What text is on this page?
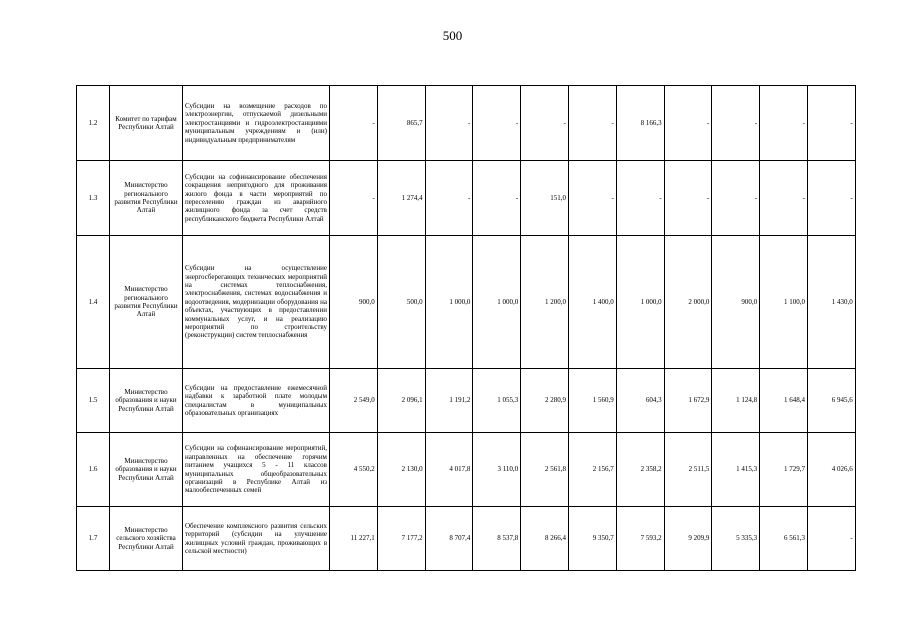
500
1.2	Комитет по тарифам Республики Алтай	Субсидии на возмещение расходов по электроэнергии, отпускаемой дизельными электростанциями и гидроэлектростанциями муниципальным учреждениям и (или) индивидуальным предпринимателям	-	865,7	-	-	-	-	8 166,3	-	-	-	-
1.3	Министерство регионального развития Республики Алтай	Субсидии на софинансирование обеспечения сокращения непригодного для проживания жилого фонда в части мероприятий по переселению граждан из аварийного жилищного фонда за счет средств республиканского бюджета Республики Алтай	-	1 274,4	-	-	151,0	-	-	-	-	-	-
1.4	Министерство регионального развития Республики Алтай	Субсидии на осуществление энергосберегающих технических мероприятий на системах теплоснабжения, электроснабжения, системах водоснабжения и водоотведения, модернизации оборудования на объектах, участвующих в предоставлении коммунальных услуг, и на реализацию мероприятий по строительству (реконструкции) систем теплоснабжения	900,0	500,0	1 000,0	1 000,0	1 200,0	1 400,0	1 000,0	2 000,0	900,0	1 100,0	1 430,0
1.5	Министерство образования и науки Республики Алтай	Субсидии на предоставление ежемесячной надбавки к заработной плате молодым специалистам в муниципальных образовательных организациях	2 549,0	2 096,1	1 191,2	1 055,3	2 280,9	1 560,9	604,3	1 672,9	1 124,8	1 648,4	6 945,6
1.6	Министерство образования и науки Республики Алтай	Субсидии на софинансирование мероприятий, направленных на обеспечение горячим питанием учащихся 5 - 11 классов муниципальных общеобразовательных организаций в Республике Алтай из малообеспеченных семей	4 550,2	2 130,0	4 017,8	3 110,0	2 561,8	2 156,7	2 358,2	2 511,5	1 415,3	1 729,7	4 026,6
1.7	Министерство сельского хозяйства Республики Алтай	Обеспечение комплексного развития сельских территорий (субсидии на улучшение жилищных условий граждан, проживающих в сельской местности)	11 227,1	7 177,2	8 707,4	8 537,8	8 266,4	9 350,7	7 593,2	9 209,9	5 335,3	6 561,3	-
